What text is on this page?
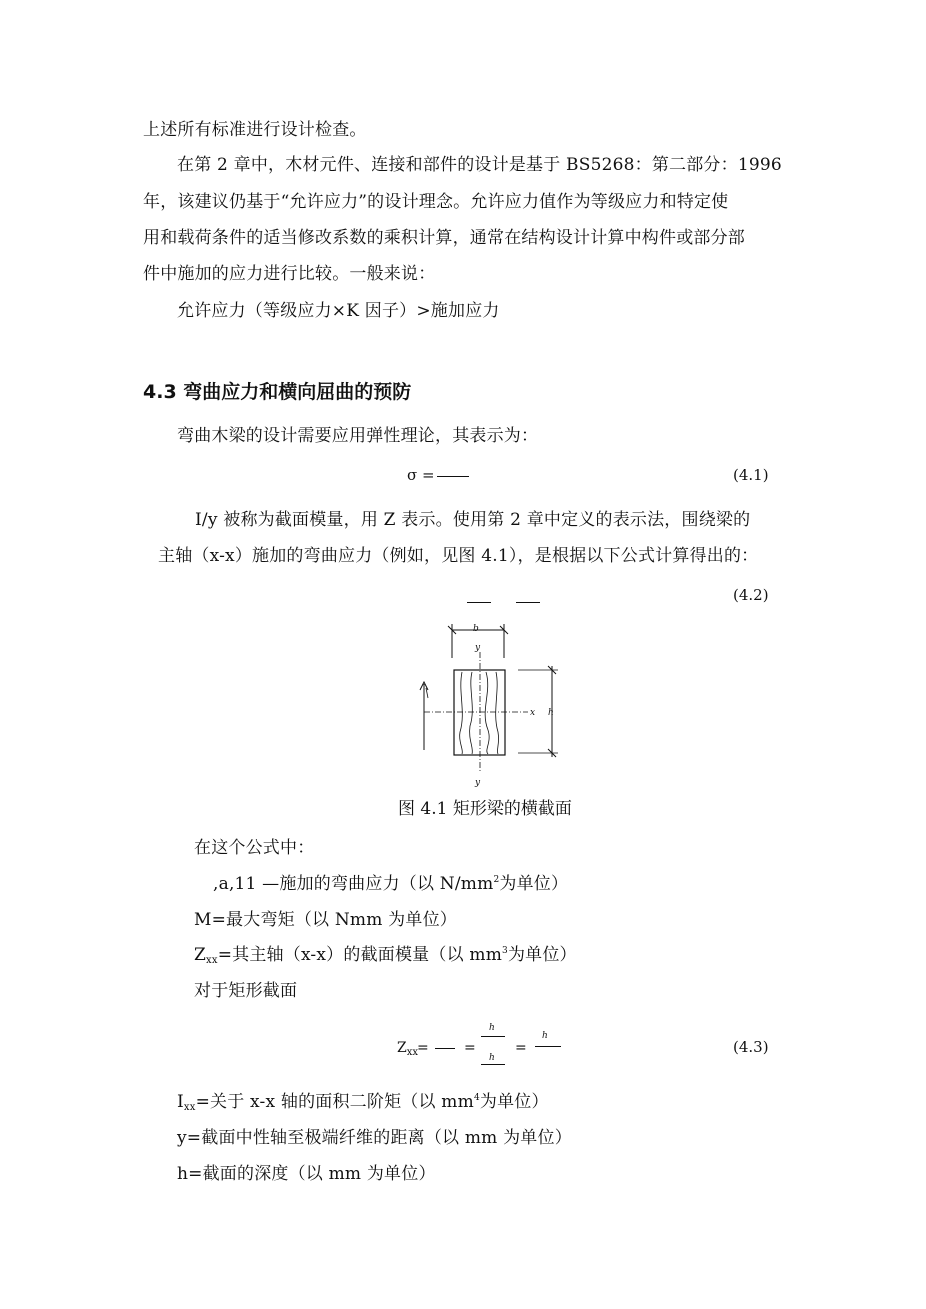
上述所有标准进行设计检查。
在第 2 章中，木材元件、连接和部件的设计是基于 BS5268：第二部分：1996
年，该建议仍基于“允许应力”的设计理念。允许应力值作为等级应力和特定使
用和载荷条件的适当修改系数的乘积计算，通常在结构设计计算中构件或部分部
件中施加的应力进行比较。一般来说：
允许应力（等级应力×K 因子）>施加应力
4.3 弯曲应力和横向屈曲的预防
弯曲木梁的设计需要应用弹性理论，其表示为：
σ =	(4.1)
I/y 被称为截面模量，用 Z 表示。使用第 2 章中定义的表示法，围绕梁的
主轴（x-x）施加的弯曲应力（例如，见图 4.1），是根据以下公式计算得出的：

(4.2)
b
y
y
x h
图 4.1 矩形梁的横截面
在这个公式中：
,a,11 —施加的弯曲应力（以 $N/mm^2$为单位）
M=最大弯矩（以 Nmm 为单位）
Zxx=其主轴（x-x）的截面模量（以 $mm^3$为单位）
对于矩形截面
$Z_{xx}$
=	=
h
h
=
h
(4.3)
Ixx=关于 x-x 轴的面积二阶矩（以 $mm^4$为单位）
y=截面中性轴至极端纤维的距离（以 mm 为单位）
h=截面的深度（以 mm 为单位）
